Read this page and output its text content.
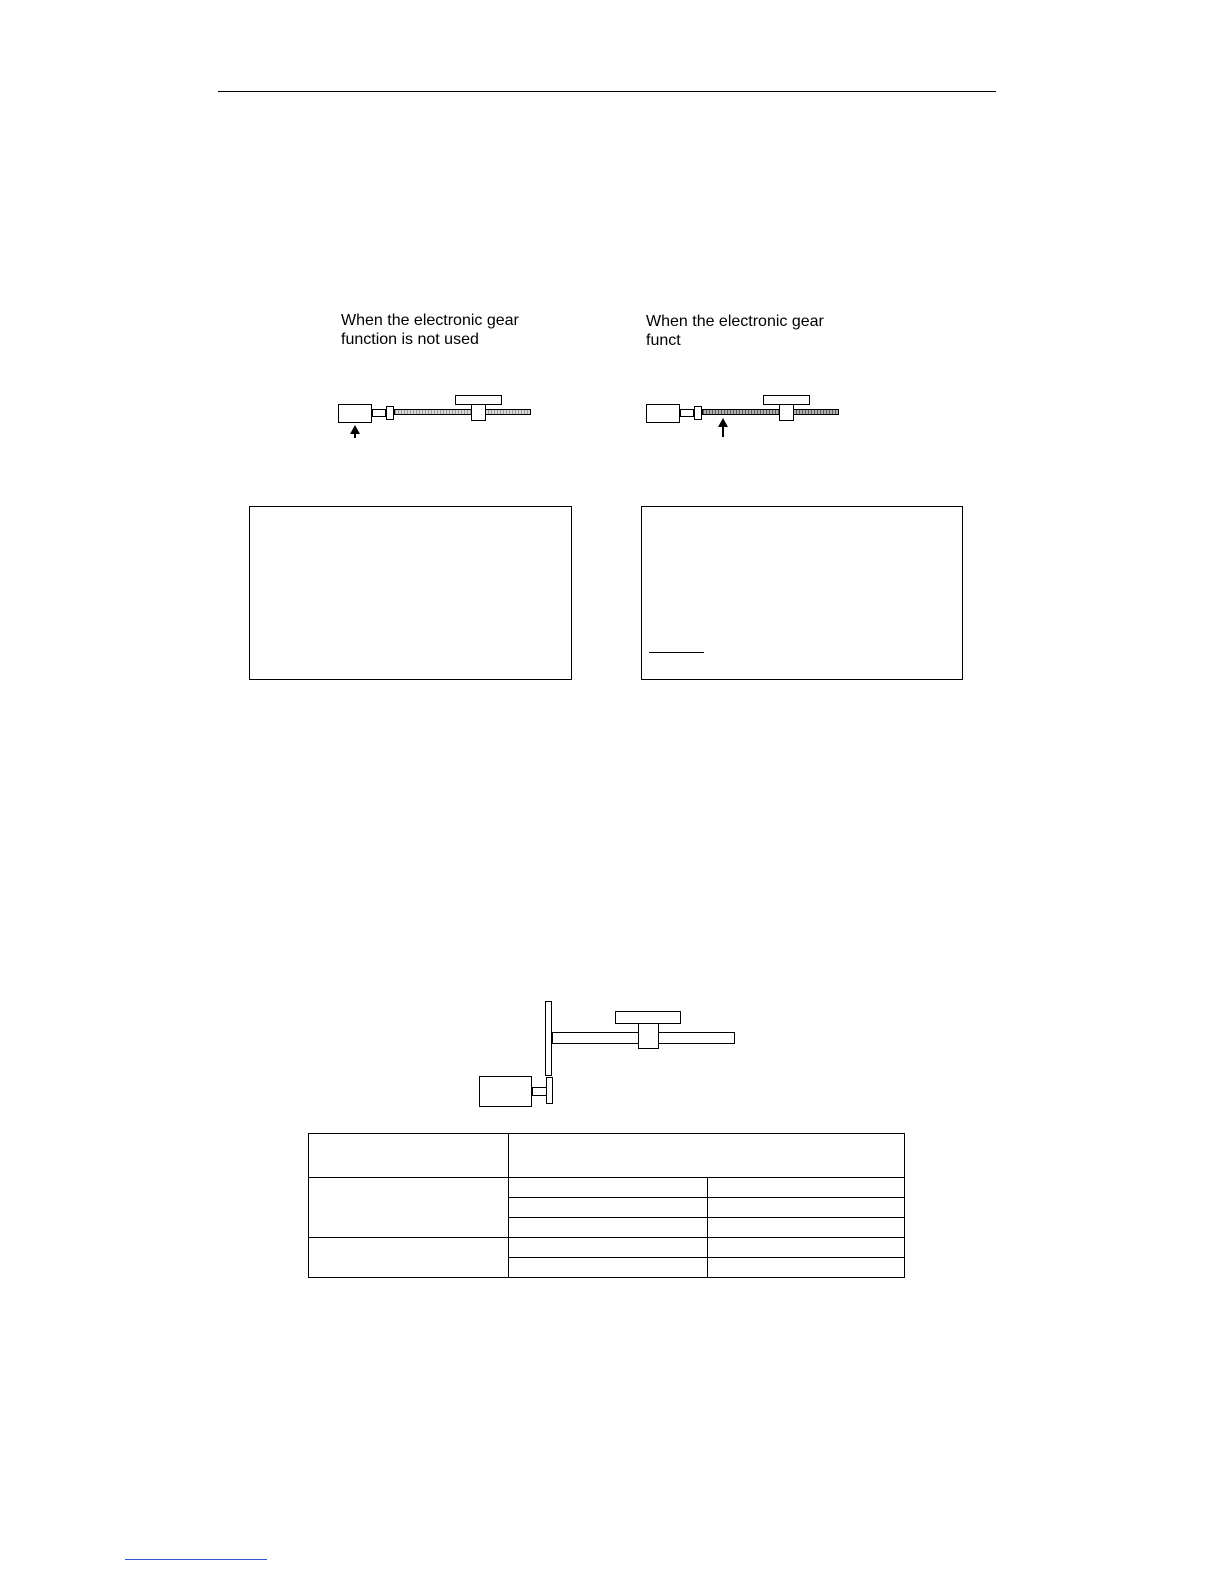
When the electronic gear
function is not used
When the electronic gear
funct
